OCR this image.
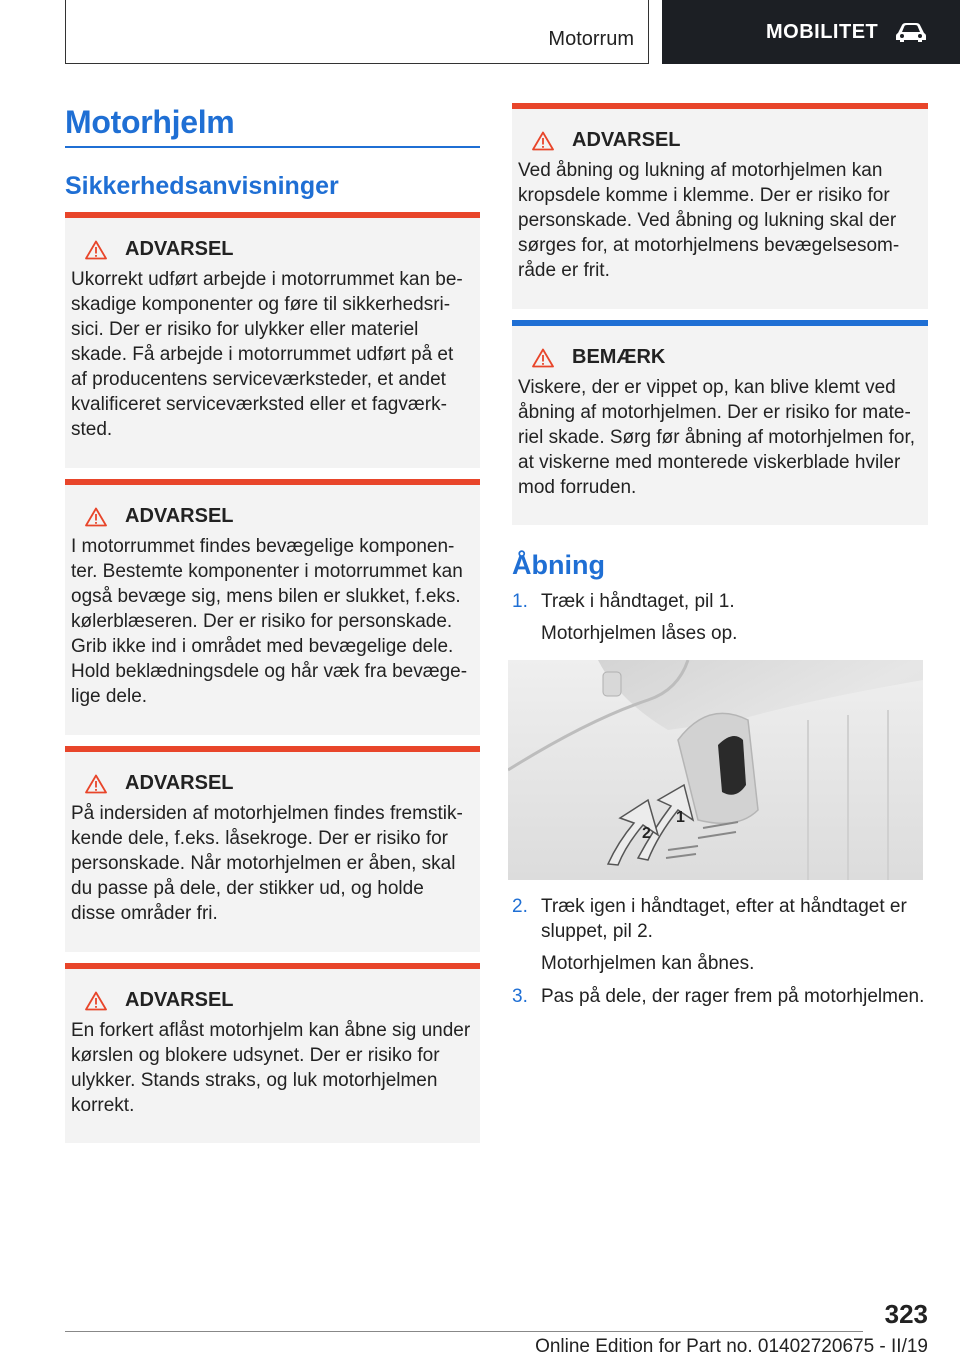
Motorrum	MOBILITET
Motorhjelm
Sikkerhedsanvisninger
ADVARSEL
Ukorrekt udført arbejde i motorrummet kan be-skadige komponenter og føre til sikkerhedsri-sici. Der er risiko for ulykker eller materiel skade. Få arbejde i motorrummet udført på et af producentens serviceværksteder, et andet kvalificeret serviceværksted eller et fagværk-sted.
ADVARSEL
I motorrummet findes bevægelige komponen-ter. Bestemte komponenter i motorrummet kan også bevæge sig, mens bilen er slukket, f.eks. kølerblæseren. Der er risiko for personskade. Grib ikke ind i området med bevægelige dele. Hold beklædningsdele og hår væk fra bevæge-lige dele.
ADVARSEL
På indersiden af motorhjelmen findes fremstik-kende dele, f.eks. låsekroge. Der er risiko for personskade. Når motorhjelmen er åben, skal du passe på dele, der stikker ud, og holde disse områder fri.
ADVARSEL
En forkert aflåst motorhjelm kan åbne sig under kørslen og blokere udsynet. Der er risiko for ulykker. Stands straks, og luk motorhjelmen korrekt.
ADVARSEL
Ved åbning og lukning af motorhjelmen kan kropsdele komme i klemme. Der er risiko for personskade. Ved åbning og lukning skal der sørges for, at motorhjelmens bevægelsesom-råde er frit.
BEMÆRK
Viskere, der er vippet op, kan blive klemt ved åbning af motorhjelmen. Der er risiko for mate-riel skade. Sørg før åbning af motorhjelmen for, at viskerne med monterede viskerblade hviler mod forruden.
Åbning
1. Træk i håndtaget, pil 1.
Motorhjelmen låses op.
1
2
2. Træk igen i håndtaget, efter at håndtaget er sluppet, pil 2.
Motorhjelmen kan åbnes.
3. Pas på dele, der rager frem på motorhjelmen.
323
Online Edition for Part no. 01402720675 - II/19
